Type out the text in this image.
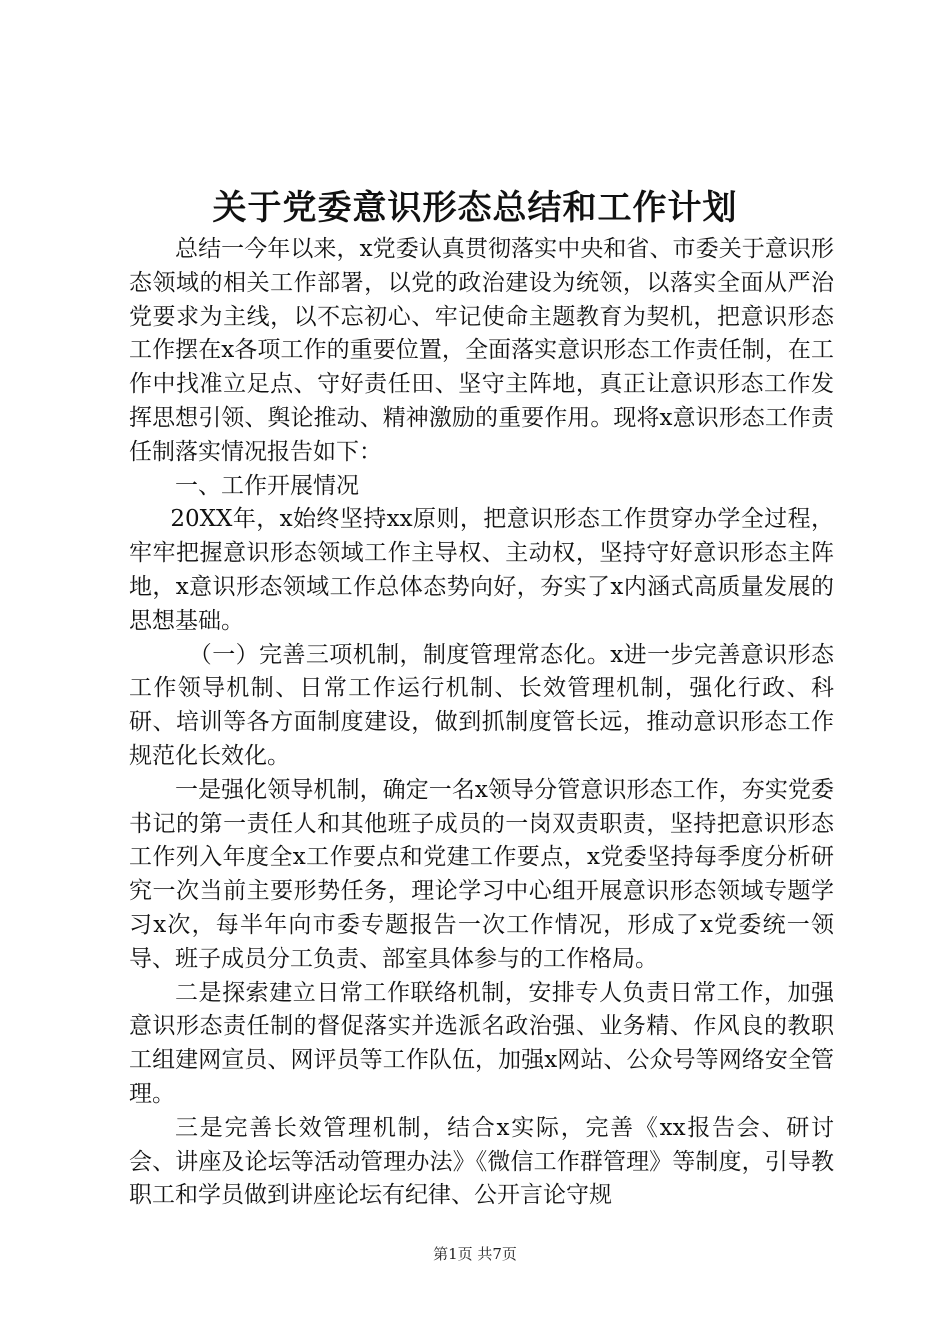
关于党委意识形态总结和工作计划

总结一今年以来，x党委认真贯彻落实中央和省、市委关于意识形态领域的相关工作部署，以党的政治建设为统领，以落实全面从严治党要求为主线，以不忘初心、牢记使命主题教育为契机，把意识形态工作摆在x各项工作的重要位置，全面落实意识形态工作责任制，在工作中找准立足点、守好责任田、坚守主阵地，真正让意识形态工作发挥思想引领、舆论推动、精神激励的重要作用。现将x意识形态工作责任制落实情况报告如下：

一、工作开展情况

20XX年，x始终坚持xx原则，把意识形态工作贯穿办学全过程，牢牢把握意识形态领域工作主导权、主动权，坚持守好意识形态主阵地，x意识形态领域工作总体态势向好，夯实了x内涵式高质量发展的思想基础。

（一）完善三项机制，制度管理常态化。x进一步完善意识形态工作领导机制、日常工作运行机制、长效管理机制，强化行政、科研、培训等各方面制度建设，做到抓制度管长远，推动意识形态工作规范化长效化。

一是强化领导机制，确定一名x领导分管意识形态工作，夯实党委书记的第一责任人和其他班子成员的一岗双责职责，坚持把意识形态工作列入年度全x工作要点和党建工作要点，x党委坚持每季度分析研究一次当前主要形势任务，理论学习中心组开展意识形态领域专题学习x次，每半年向市委专题报告一次工作情况，形成了x党委统一领导、班子成员分工负责、部室具体参与的工作格局。

二是探索建立日常工作联络机制，安排专人负责日常工作，加强意识形态责任制的督促落实并选派名政治强、业务精、作风良的教职工组建网宣员、网评员等工作队伍，加强x网站、公众号等网络安全管理。

三是完善长效管理机制，结合x实际，完善《xx报告会、研讨会、讲座及论坛等活动管理办法》《微信工作群管理》等制度，引导教职工和学员做到讲座论坛有纪律、公开言论守规

第1页 共7页
